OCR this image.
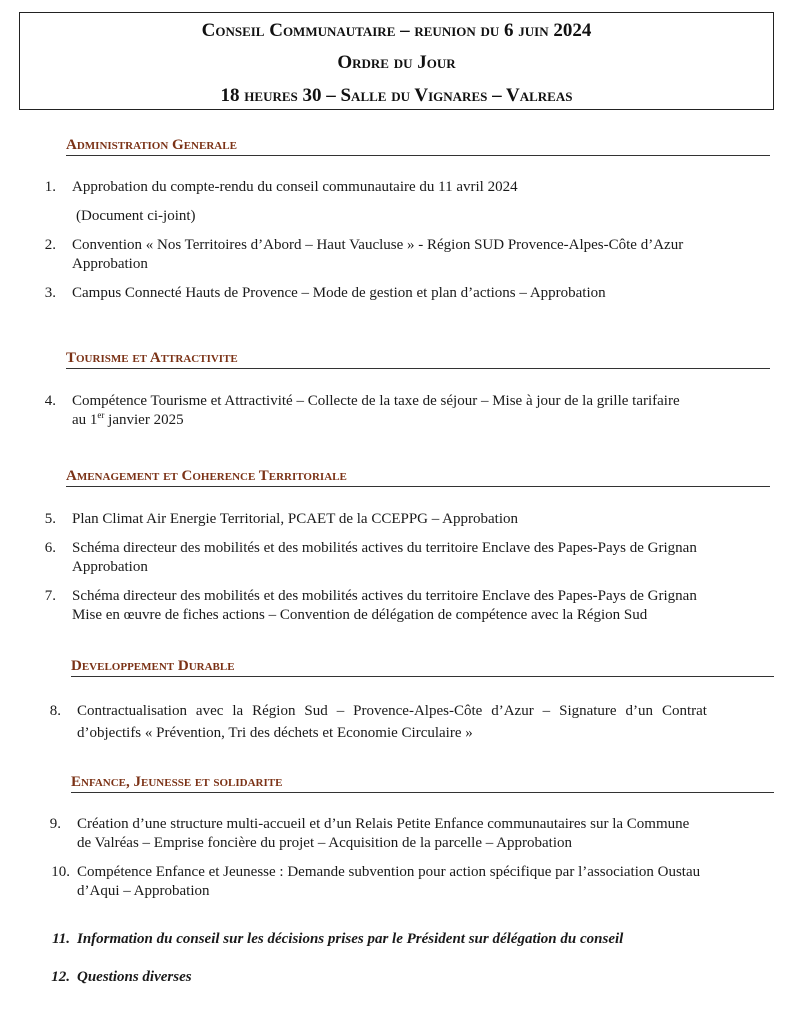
Conseil Communautaire – reunion du 6 juin 2024
Ordre du Jour
18 heures 30 – Salle du Vignares – Valreas
Administration Generale
1. Approbation du compte-rendu du conseil communautaire du 11 avril 2024
(Document ci-joint)
2. Convention « Nos Territoires d’Abord – Haut Vaucluse » - Région SUD Provence-Alpes-Côte d’Azur
Approbation
3. Campus Connecté Hauts de Provence – Mode de gestion et plan d’actions – Approbation
Tourisme et Attractivite
4. Compétence Tourisme et Attractivité – Collecte de la taxe de séjour – Mise à jour de la grille tarifaire
au 1er janvier 2025
Amenagement et Coherence Territoriale
5. Plan Climat Air Energie Territorial, PCAET de la CCEPPG – Approbation
6. Schéma directeur des mobilités et des mobilités actives du territoire Enclave des Papes-Pays de Grignan
Approbation
7. Schéma directeur des mobilités et des mobilités actives du territoire Enclave des Papes-Pays de Grignan
Mise en œuvre de fiches actions – Convention de délégation de compétence avec la Région Sud
Developpement Durable
8. Contractualisation avec la Région Sud – Provence-Alpes-Côte d’Azur – Signature d’un Contrat
d’objectifs « Prévention, Tri des déchets et Economie Circulaire »
Enfance, Jeunesse et solidarite
9. Création d’une structure multi-accueil et d’un Relais Petite Enfance communautaires sur la Commune
de Valréas – Emprise foncière du projet – Acquisition de la parcelle – Approbation
10. Compétence Enfance et Jeunesse : Demande subvention pour action spécifique par l’association Oustau
d’Aqui – Approbation
11. Information du conseil sur les décisions prises par le Président sur délégation du conseil
12. Questions diverses
